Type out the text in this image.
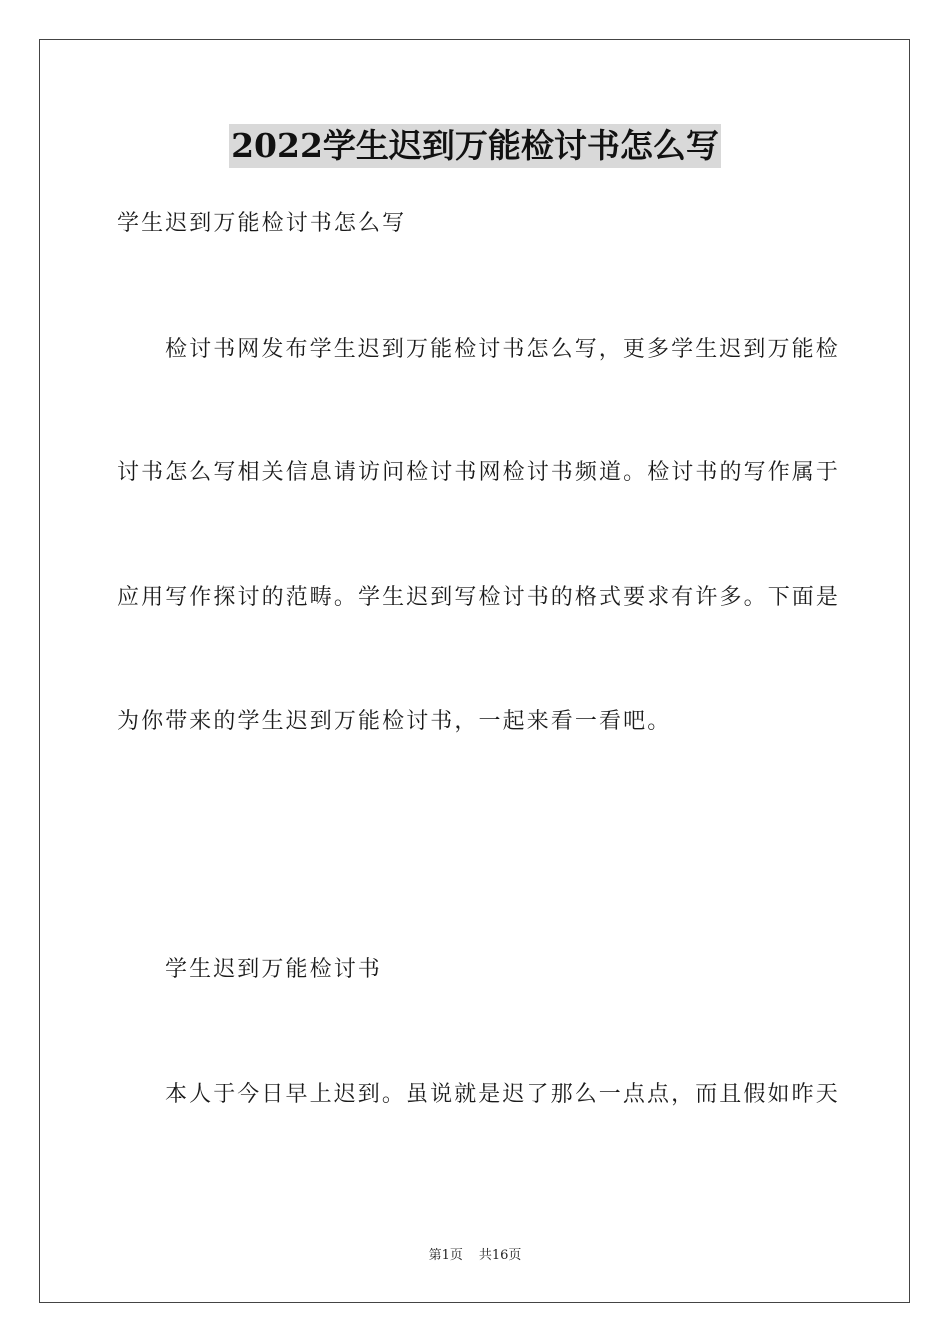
2022学生迟到万能检讨书怎么写

学生迟到万能检讨书怎么写

检讨书网发布学生迟到万能检讨书怎么写，更多学生迟到万能检

讨书怎么写相关信息请访问检讨书网检讨书频道。检讨书的写作属于

应用写作探讨的范畴。学生迟到写检讨书的格式要求有许多。下面是

为你带来的学生迟到万能检讨书，一起来看一看吧。

学生迟到万能检讨书

本人于今日早上迟到。虽说就是迟了那么一点点，而且假如昨天

第1页 共16页
